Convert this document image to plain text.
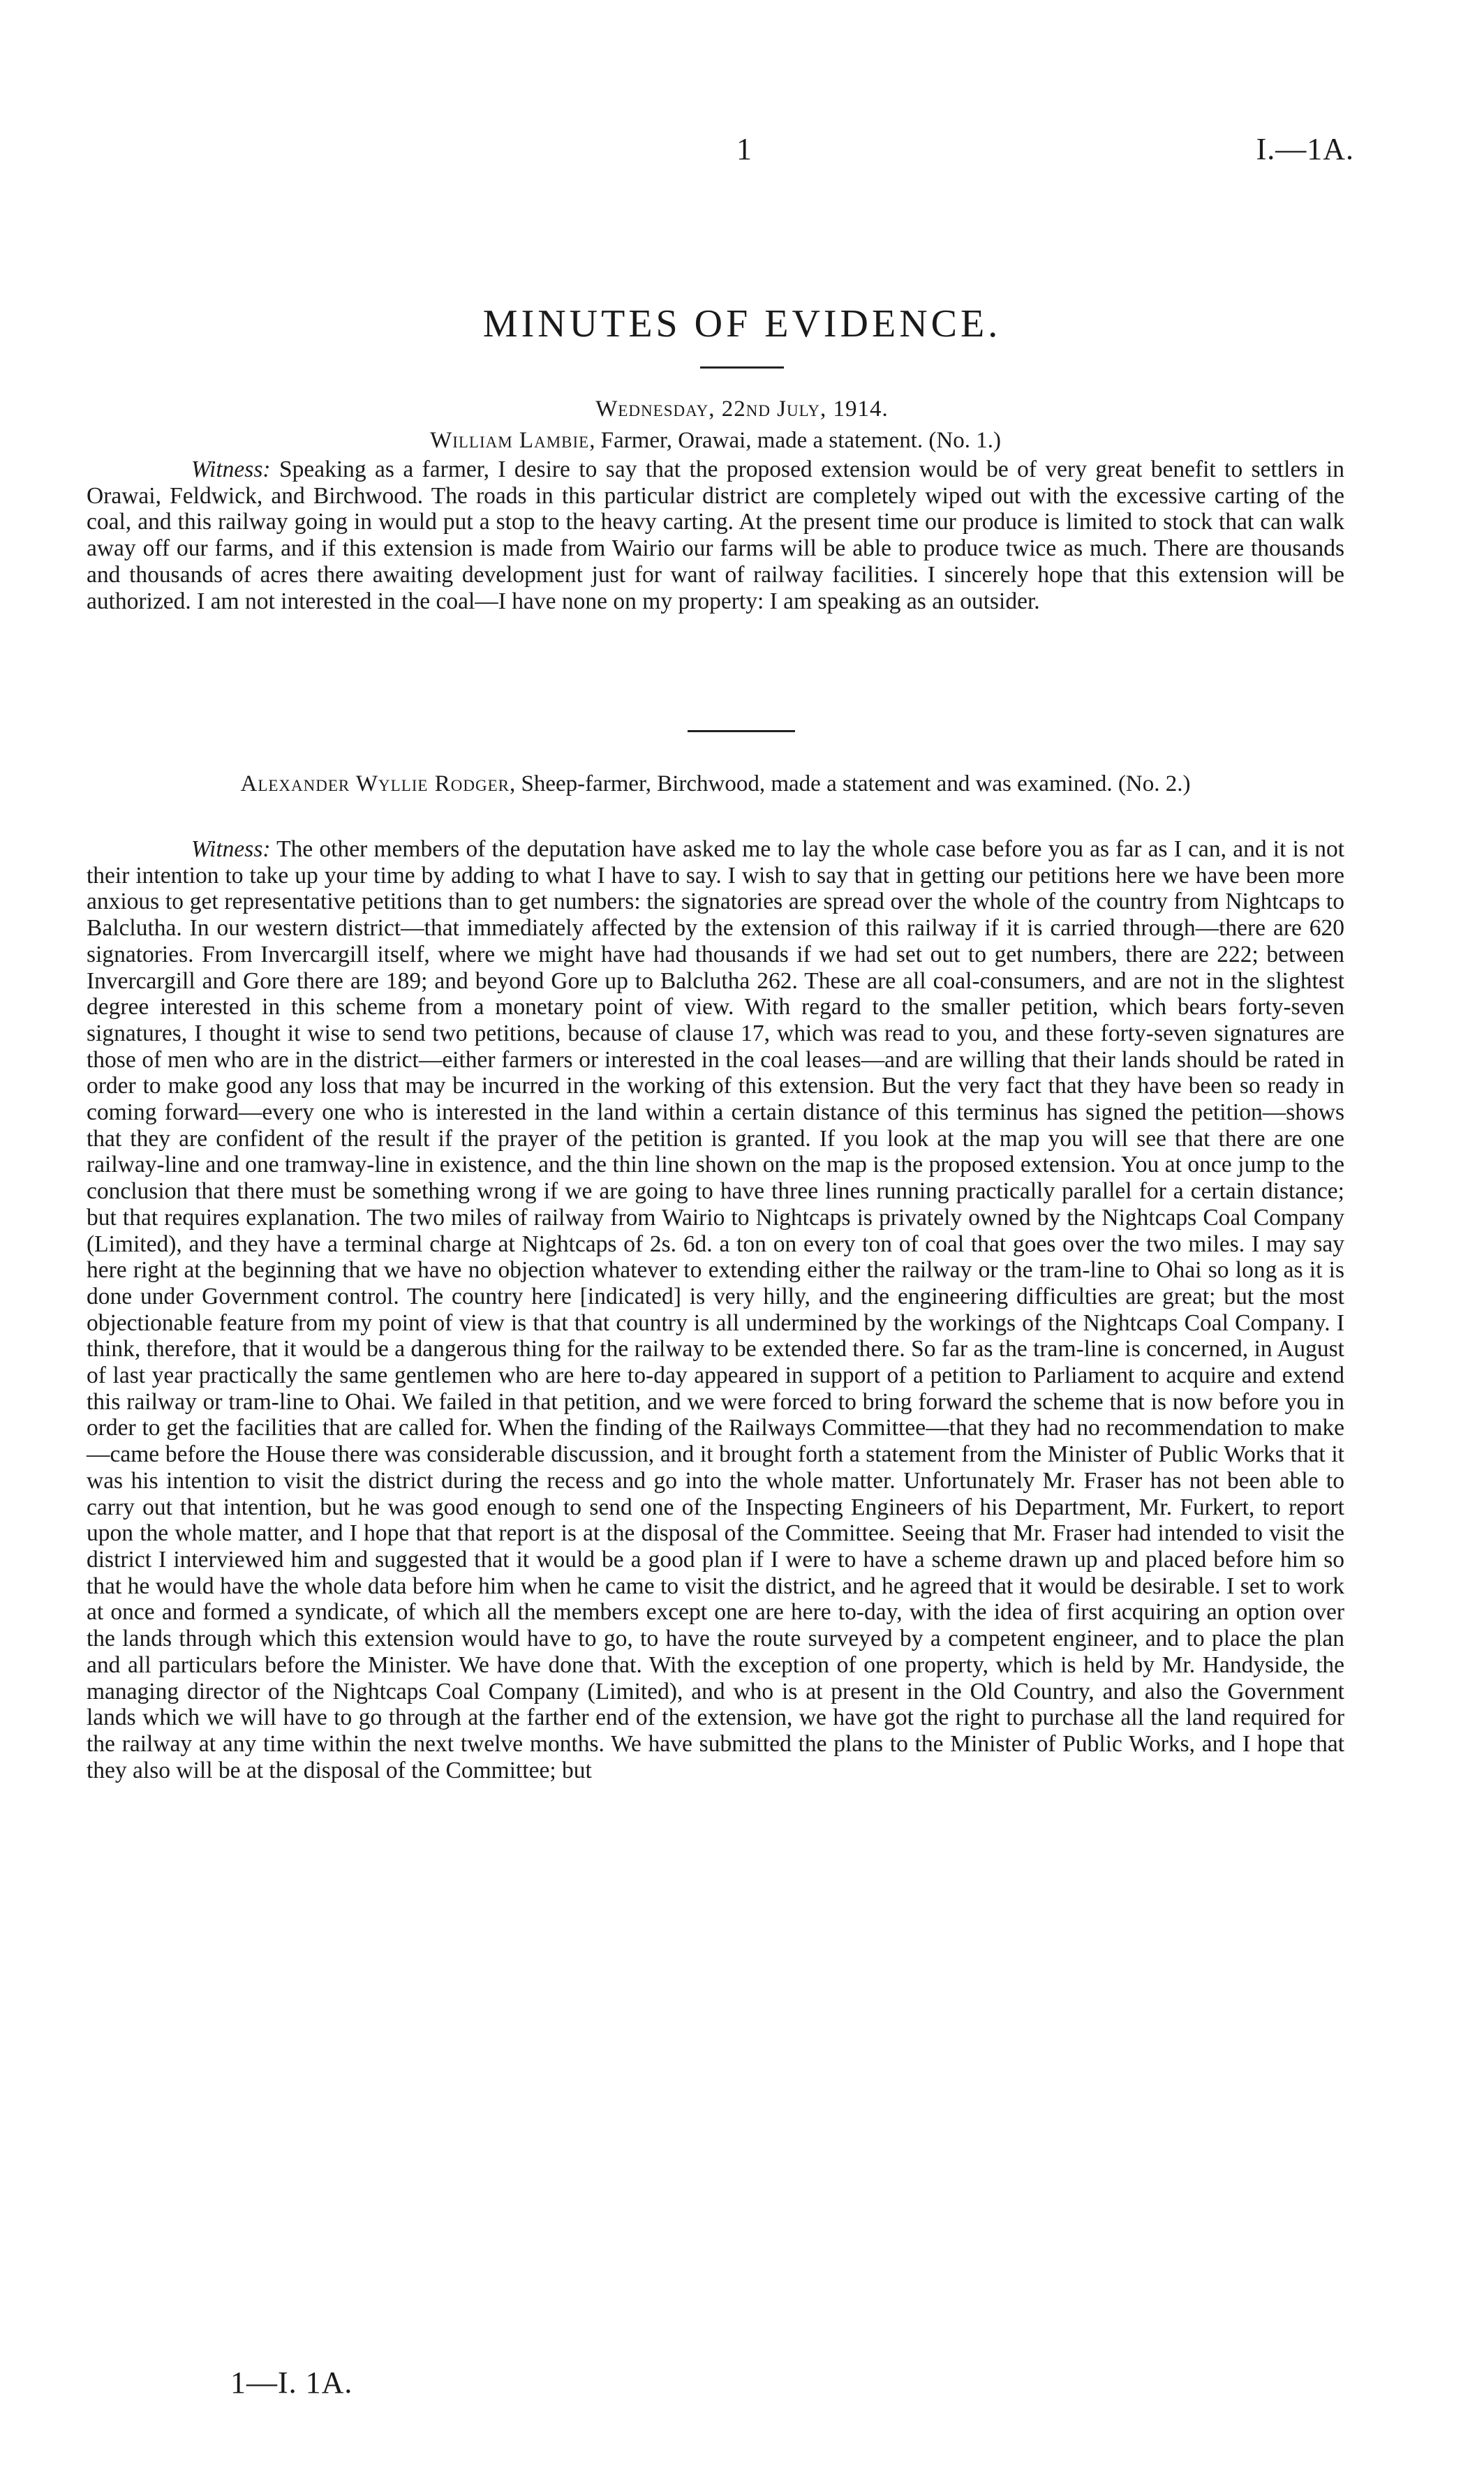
1	I.—1A.
MINUTES OF EVIDENCE.
Wednesday, 22nd July, 1914.
William Lambie, Farmer, Orawai, made a statement. (No. 1.)

Witness: Speaking as a farmer, I desire to say that the proposed extension would be of very great benefit to settlers in Orawai, Feldwick, and Birchwood. The roads in this particular district are completely wiped out with the excessive carting of the coal, and this railway going in would put a stop to the heavy carting. At the present time our produce is limited to stock that can walk away off our farms, and if this extension is made from Wairio our farms will be able to produce twice as much. There are thousands and thousands of acres there awaiting development just for want of railway facilities. I sincerely hope that this extension will be authorized. I am not interested in the coal—I have none on my property: I am speaking as an outsider.

Alexander Wyllie Rodger, Sheep-farmer, Birchwood, made a statement and was examined. (No. 2.)

Witness: The other members of the deputation have asked me to lay the whole case before you as far as I can, and it is not their intention to take up your time by adding to what I have to say. I wish to say that in getting our petitions here we have been more anxious to get representative petitions than to get numbers: the signatories are spread over the whole of the country from Nightcaps to Balclutha. In our western district—that immediately affected by the extension of this railway if it is carried through—there are 620 signatories. From Invercargill itself, where we might have had thousands if we had set out to get numbers, there are 222; between Invercargill and Gore there are 189; and beyond Gore up to Balclutha 262. These are all coal-consumers, and are not in the slightest degree interested in this scheme from a monetary point of view. With regard to the smaller petition, which bears forty-seven signatures, I thought it wise to send two petitions, because of clause 17, which was read to you, and these forty-seven signatures are those of men who are in the district—either farmers or interested in the coal leases—and are willing that their lands should be rated in order to make good any loss that may be incurred in the working of this extension. But the very fact that they have been so ready in coming forward—every one who is interested in the land within a certain distance of this terminus has signed the petition—shows that they are confident of the result if the prayer of the petition is granted. If you look at the map you will see that there are one railway-line and one tramway-line in existence, and the thin line shown on the map is the proposed extension. You at once jump to the conclusion that there must be something wrong if we are going to have three lines running practically parallel for a certain distance; but that requires explanation. The two miles of railway from Wairio to Nightcaps is privately owned by the Nightcaps Coal Company (Limited), and they have a terminal charge at Nightcaps of 2s. 6d. a ton on every ton of coal that goes over the two miles. I may say here right at the beginning that we have no objection whatever to extending either the railway or the tram-line to Ohai so long as it is done under Government control. The country here [indicated] is very hilly, and the engineering difficulties are great; but the most objectionable feature from my point of view is that that country is all undermined by the workings of the Nightcaps Coal Company. I think, therefore, that it would be a dangerous thing for the railway to be extended there. So far as the tram-line is concerned, in August of last year practically the same gentlemen who are here to-day appeared in support of a petition to Parliament to acquire and extend this railway or tram-line to Ohai. We failed in that petition, and we were forced to bring forward the scheme that is now before you in order to get the facilities that are called for. When the finding of the Railways Committee—that they had no recommendation to make—came before the House there was considerable discussion, and it brought forth a statement from the Minister of Public Works that it was his intention to visit the district during the recess and go into the whole matter. Unfortunately Mr. Fraser has not been able to carry out that intention, but he was good enough to send one of the Inspecting Engineers of his Department, Mr. Furkert, to report upon the whole matter, and I hope that that report is at the disposal of the Committee. Seeing that Mr. Fraser had intended to visit the district I interviewed him and suggested that it would be a good plan if I were to have a scheme drawn up and placed before him so that he would have the whole data before him when he came to visit the district, and he agreed that it would be desirable. I set to work at once and formed a syndicate, of which all the members except one are here to-day, with the idea of first acquiring an option over the lands through which this extension would have to go, to have the route surveyed by a competent engineer, and to place the plan and all particulars before the Minister. We have done that. With the exception of one property, which is held by Mr. Handyside, the managing director of the Nightcaps Coal Company (Limited), and who is at present in the Old Country, and also the Government lands which we will have to go through at the farther end of the extension, we have got the right to purchase all the land required for the railway at any time within the next twelve months. We have submitted the plans to the Minister of Public Works, and I hope that they also will be at the disposal of the Committee; but

1—I. 1A.
